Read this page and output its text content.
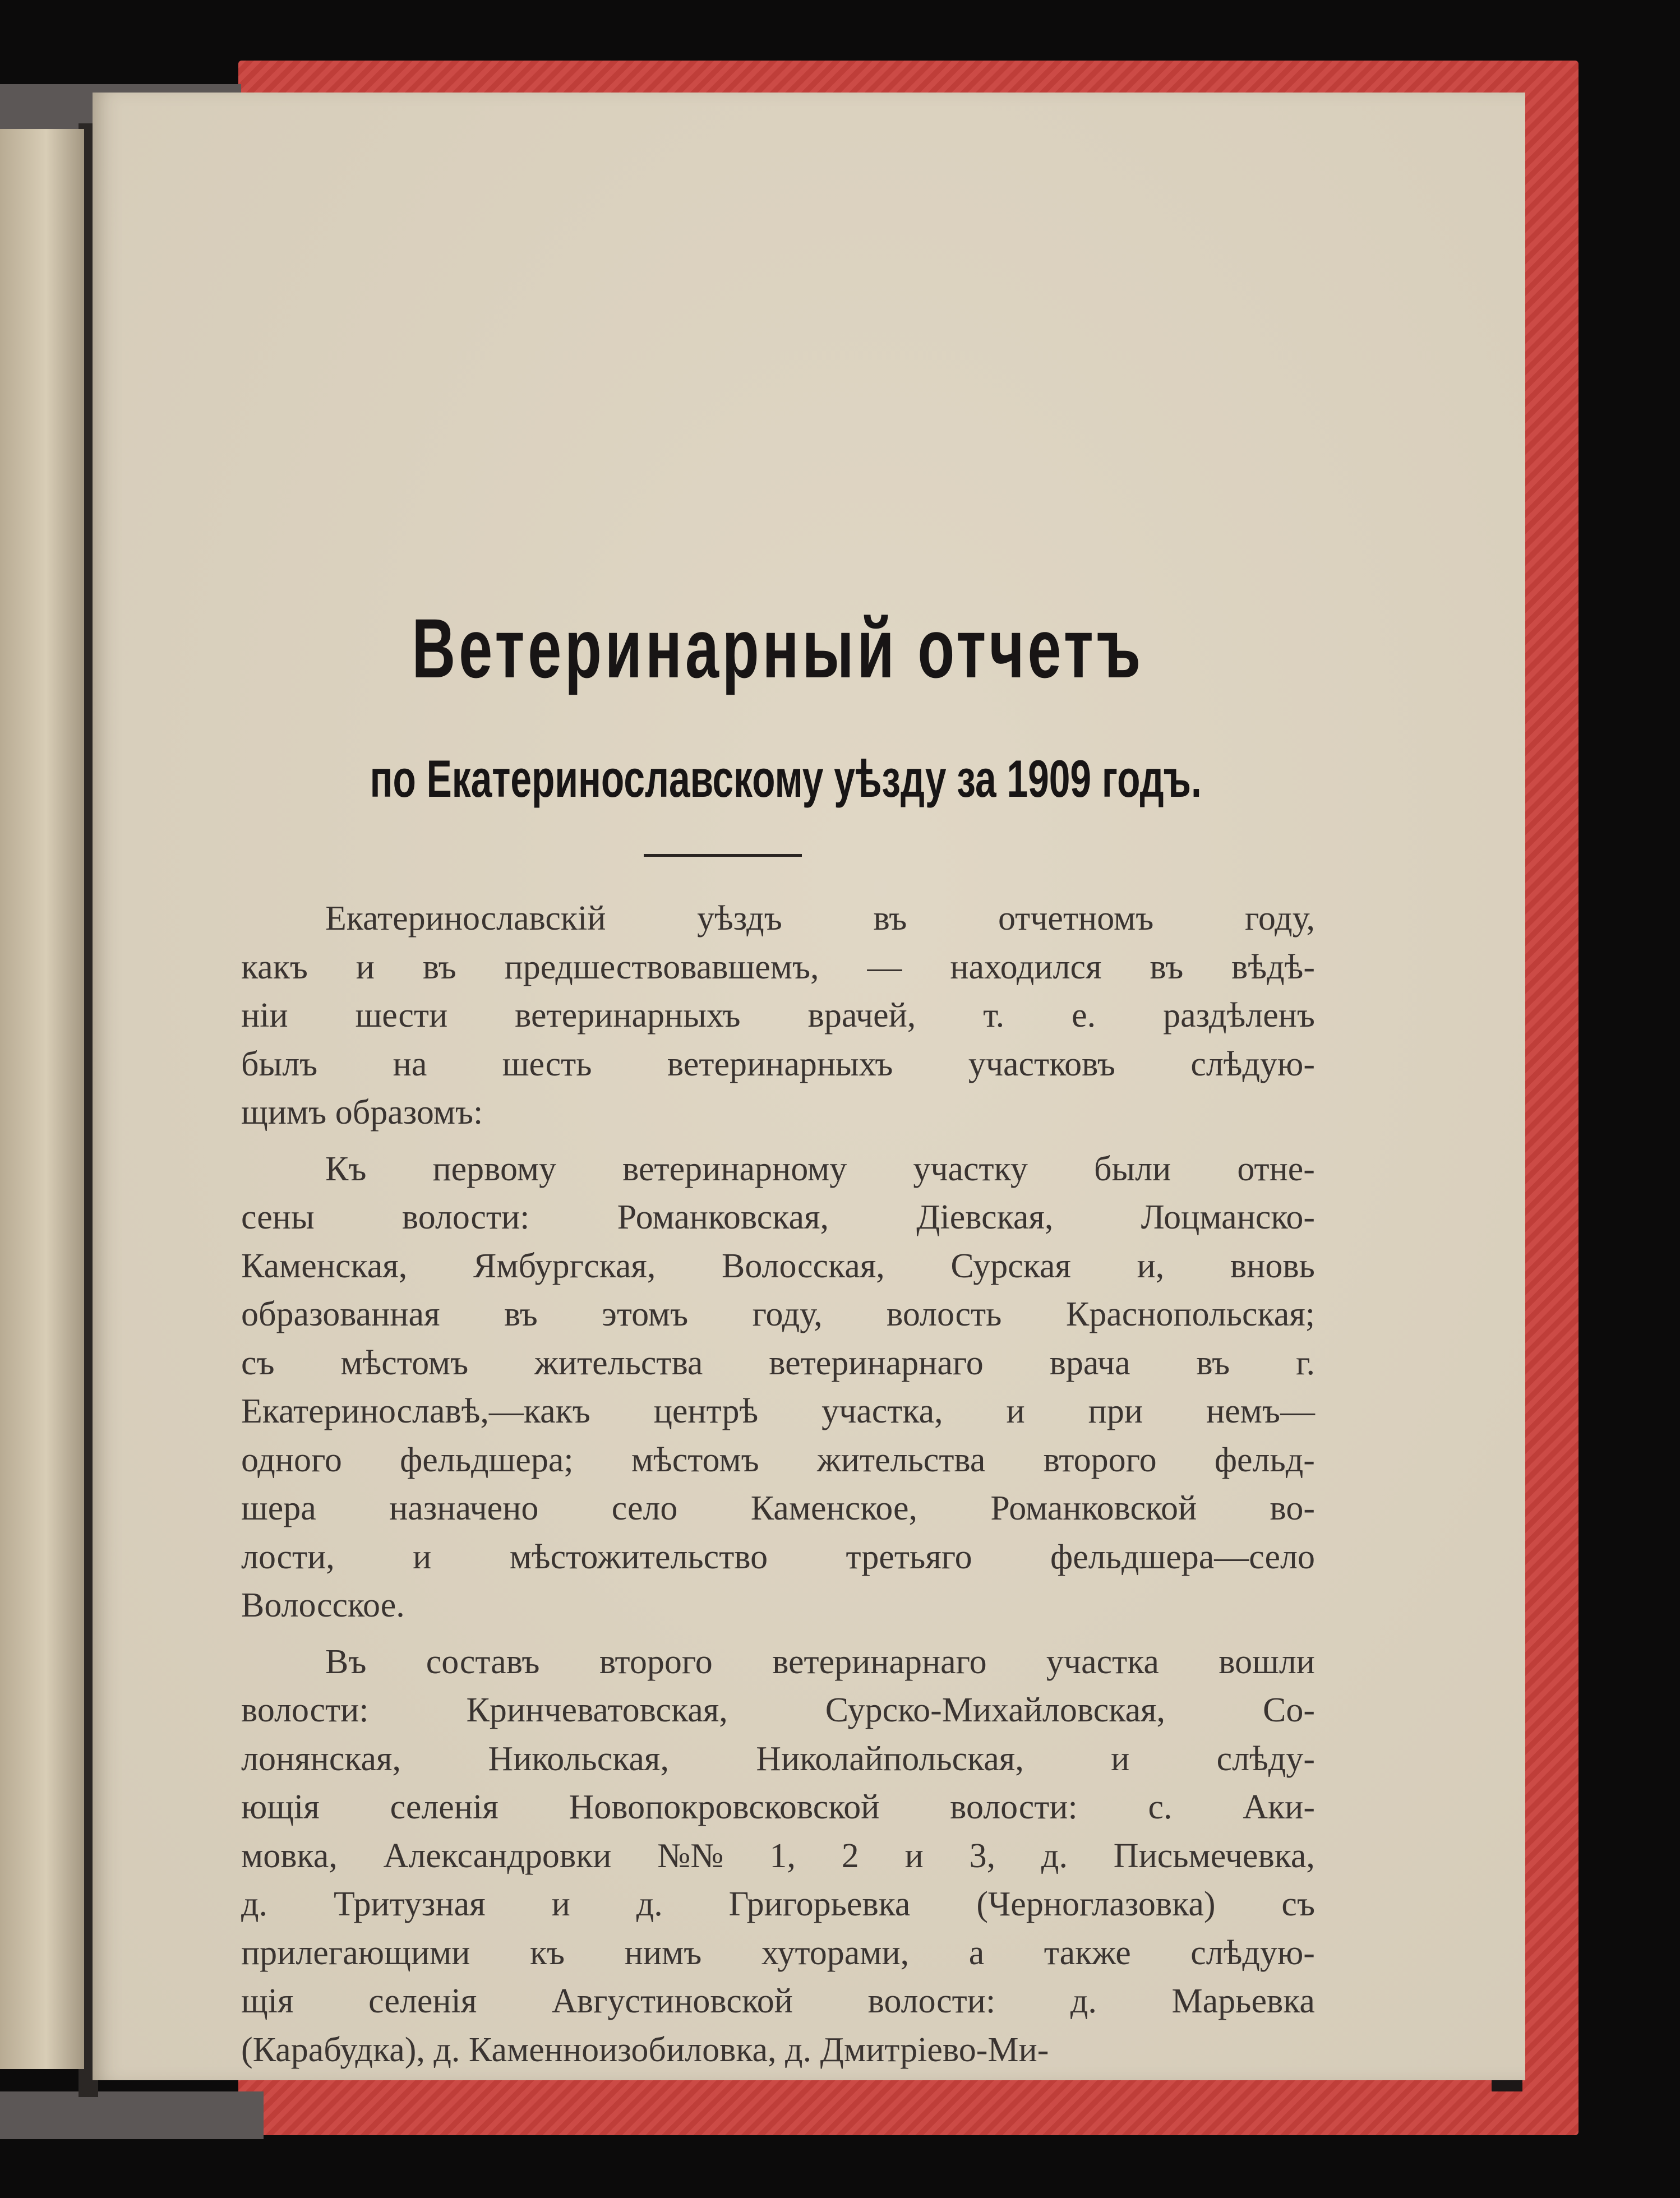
Ветеринарный отчетъ
по Екатеринославскому уѣзду за 1909 годъ.
Екатеринославскій	уѣздъ	въ	отчетномъ	году,
какъ и въ предшествовавшемъ, — находился въ вѣдѣ-
ніи шести ветеринарныхъ врачей, т. е. раздѣленъ
былъ на шесть ветеринарныхъ участковъ слѣдую-
щимъ образомъ:
Къ первому ветеринарному участку были отне-
сены	волости:	Романковская,	Діевская,	Лоцманско-
Каменская, Ямбургская, Волосская, Сурская и, вновь
образованная въ этомъ году, волость Краснопольская;
съ мѣстомъ жительства ветеринарнаго врача въ г.
Екатеринославѣ,—какъ центрѣ участка, и при немъ—
одного фельдшера; мѣстомъ жительства второго фельд-
шера назначено село Каменское, Романковской во-
лости, и мѣстожительство третьяго фельдшера—село
Волосское.
Въ составъ второго ветеринарнаго участка вошли
волости:	Кринчеватовская,	Сурско-Михайловская,	Со-
лонянская,	Никольская,	Николайпольская,	и	слѣду-
ющія селенія Новопокровсковской волости: с. Аки-
мовка, Александровки №№ 1, 2 и 3, д. Письмечевка,
д. Тритузная и д. Григорьевка (Черноглазовка) съ
прилегающими къ нимъ хуторами, а также слѣдую-
щія селенія Августиновской волости: д. Марьевка
(Карабудка), д. Каменноизобиловка, д. Дмитріево-Ми-
